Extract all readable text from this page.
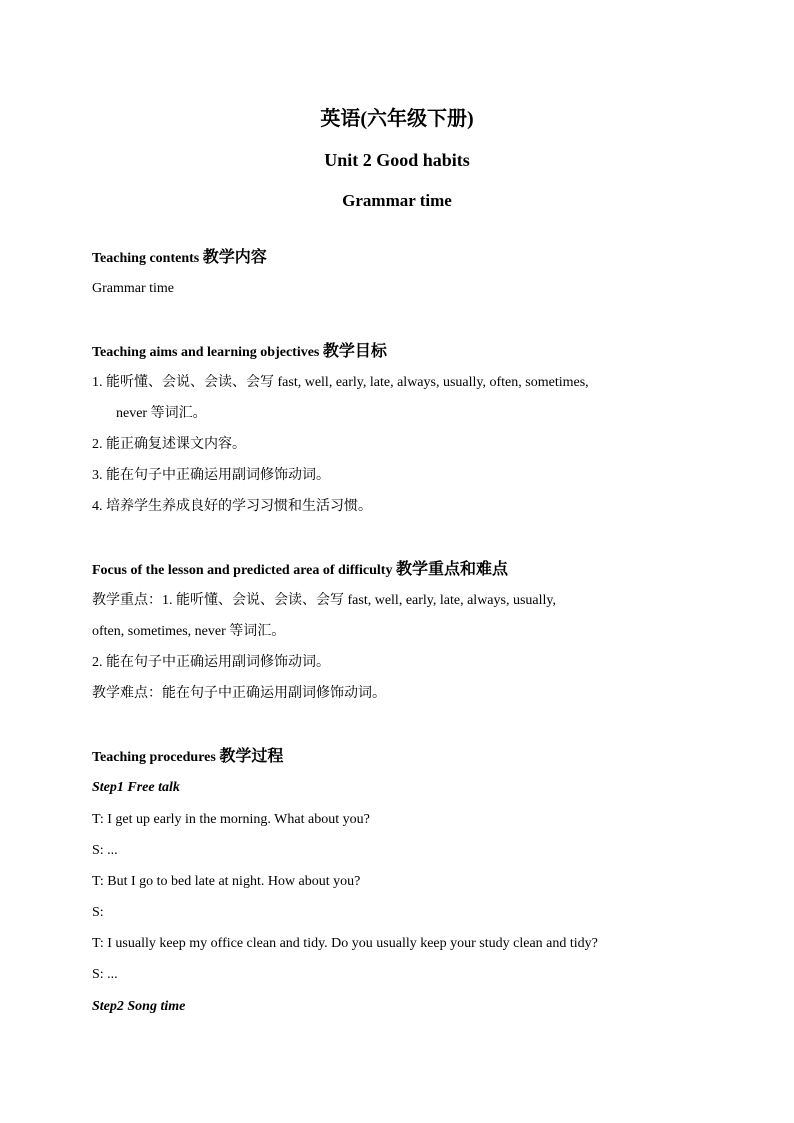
英语(六年级下册)
Unit 2 Good habits
Grammar time
Teaching contents 教学内容
Grammar time
Teaching aims and learning objectives 教学目标
1. 能听懂、会说、会读、会写 fast, well, early, late, always, usually, often, sometimes,
never 等词汇。
2. 能正确复述课文内容。
3. 能在句子中正确运用副词修饰动词。
4. 培养学生养成良好的学习习惯和生活习惯。
Focus of the lesson and predicted area of difficulty 教学重点和难点
教学重点：1. 能听懂、会说、会读、会写 fast, well, early, late, always, usually,
often, sometimes, never 等词汇。
2. 能在句子中正确运用副词修饰动词。
教学难点：能在句子中正确运用副词修饰动词。
Teaching procedures 教学过程
Step1 Free talk
T: I get up early in the morning. What about you?
S: ...
T: But I go to bed late at night. How about you?
S:
T: I usually keep my office clean and tidy. Do you usually keep your study clean and tidy?
S: ...
Step2 Song time
